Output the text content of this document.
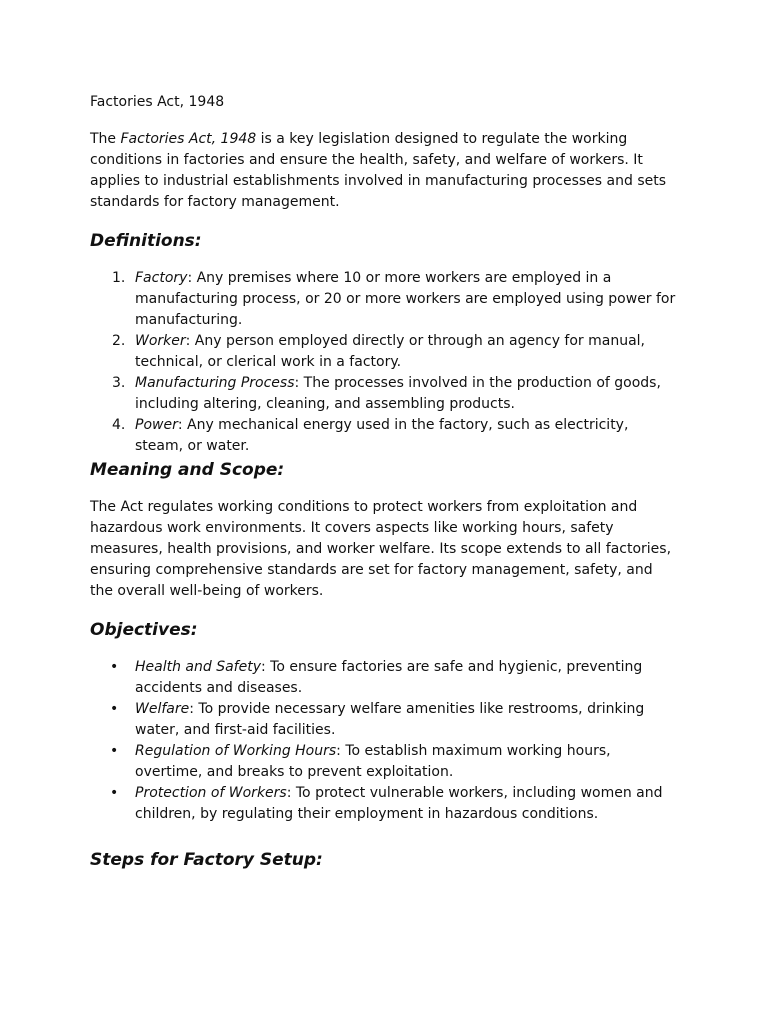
Factories Act, 1948

The Factories Act, 1948 is a key legislation designed to regulate the working conditions in factories and ensure the health, safety, and welfare of workers. It applies to industrial establishments involved in manufacturing processes and sets standards for factory management.

Definitions:
1. Factory: Any premises where 10 or more workers are employed in a manufacturing process, or 20 or more workers are employed using power for manufacturing.
2. Worker: Any person employed directly or through an agency for manual, technical, or clerical work in a factory.
3. Manufacturing Process: The processes involved in the production of goods, including altering, cleaning, and assembling products.
4. Power: Any mechanical energy used in the factory, such as electricity, steam, or water.
Meaning and Scope:

The Act regulates working conditions to protect workers from exploitation and hazardous work environments. It covers aspects like working hours, safety measures, health provisions, and worker welfare. Its scope extends to all factories, ensuring comprehensive standards are set for factory management, safety, and the overall well-being of workers.

Objectives:
• Health and Safety: To ensure factories are safe and hygienic, preventing accidents and diseases.
• Welfare: To provide necessary welfare amenities like restrooms, drinking water, and first-aid facilities.
• Regulation of Working Hours: To establish maximum working hours, overtime, and breaks to prevent exploitation.
• Protection of Workers: To protect vulnerable workers, including women and children, by regulating their employment in hazardous conditions.
Steps for Factory Setup:
